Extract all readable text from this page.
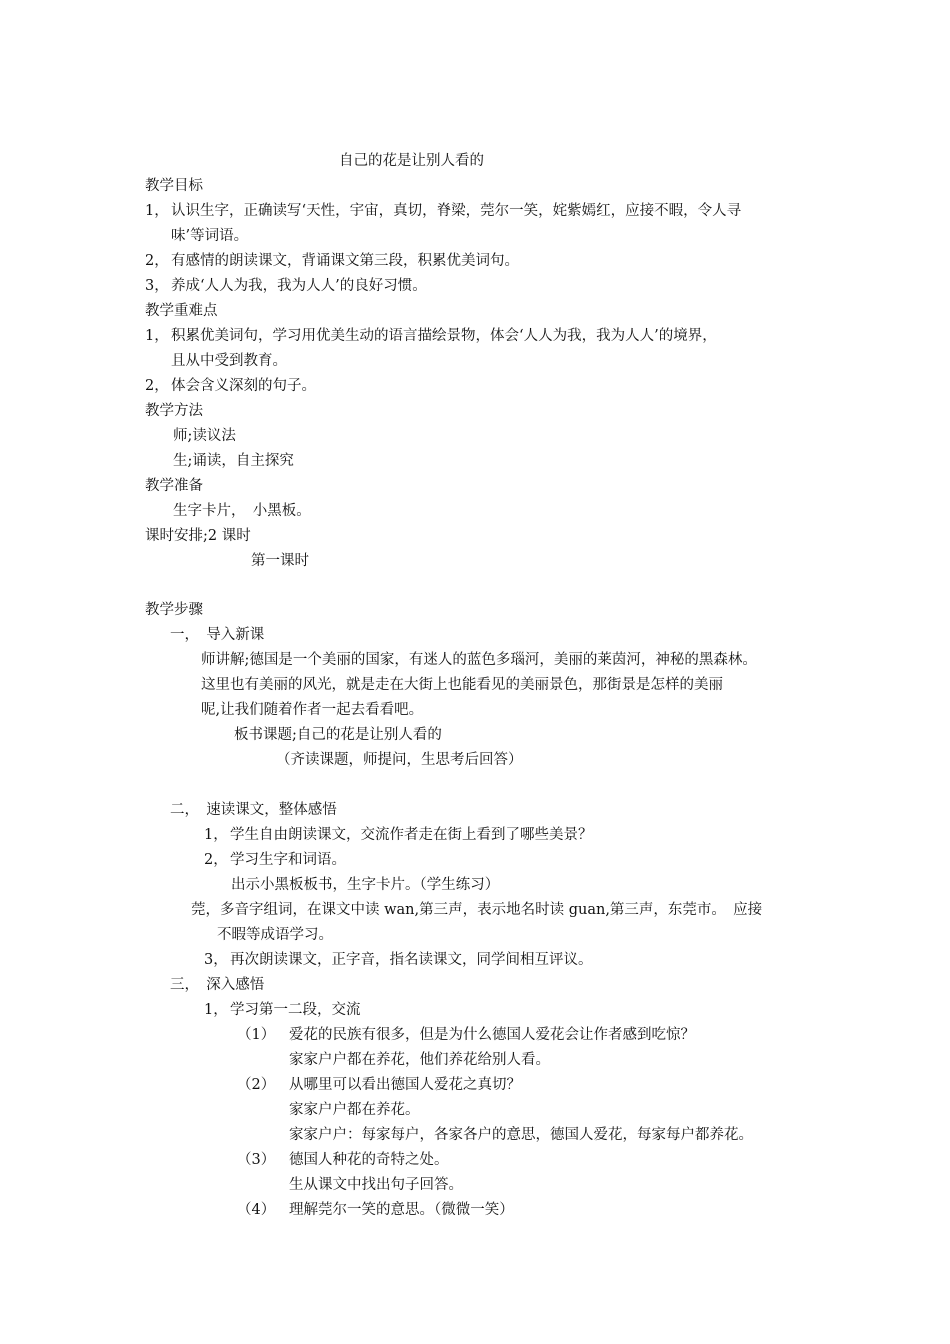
自己的花是让别人看的
教学目标
1， 认识生字，正确读写‘天性，宇宙，真切，脊梁，莞尔一笑，姹紫嫣红，应接不暇，令人寻
味’等词语。
2， 有感情的朗读课文，背诵课文第三段，积累优美词句。
3， 养成‘人人为我，我为人人’的良好习惯。
教学重难点
1， 积累优美词句，学习用优美生动的语言描绘景物，体会‘人人为我，我为人人’的境界，
且从中受到教育。
2， 体会含义深刻的句子。
教学方法
师;读议法
生;诵读，自主探究
教学准备
生字卡片，　小黑板。
课时安排;2 课时
第一课时
教学步骤
一，　导入新课
师讲解;德国是一个美丽的国家，有迷人的蓝色多瑙河，美丽的莱茵河，神秘的黑森林。
这里也有美丽的风光，就是走在大街上也能看见的美丽景色，那街景是怎样的美丽
呢,让我们随着作者一起去看看吧。
板书课题;自己的花是让别人看的
（齐读课题，师提问，生思考后回答）
二，　速读课文，整体感悟
1， 学生自由朗读课文，交流作者走在街上看到了哪些美景？
2， 学习生字和词语。
出示小黑板板书，生字卡片。（学生练习）
莞，多音字组词，在课文中读 wan,第三声，表示地名时读 guan,第三声，东莞市。　应接
不暇等成语学习。
3， 再次朗读课文，正字音，指名读课文，同学间相互评议。
三，　深入感悟
1， 学习第一二段，交流
（1） 爱花的民族有很多，但是为什么德国人爱花会让作者感到吃惊？
家家户户都在养花，他们养花给别人看。
（2） 从哪里可以看出德国人爱花之真切？
家家户户都在养花。
家家户户：每家每户，各家各户的意思，德国人爱花，每家每户都养花。
（3） 德国人种花的奇特之处。
生从课文中找出句子回答。
（4） 理解莞尔一笑的意思。（微微一笑）
